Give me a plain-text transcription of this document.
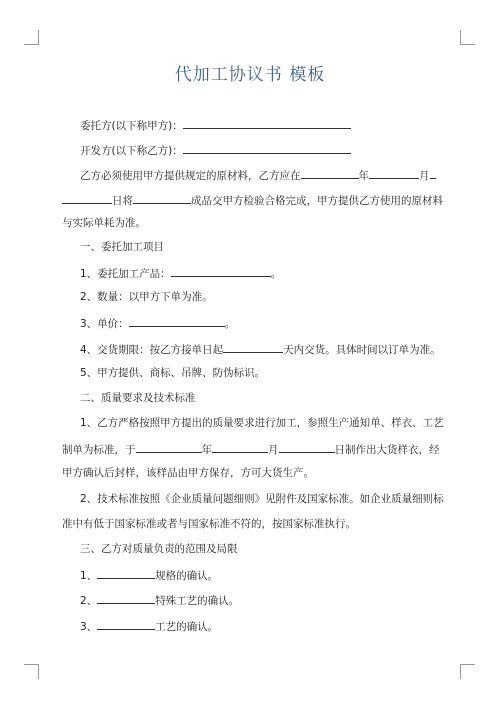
代加工协议书 模板
委托方(以下称甲方)：
开发方(以下称乙方)：
乙方必须使用甲方提供规定的原材料，乙方应在	年	月
日将	成品交甲方检验合格完成，甲方提供乙方使用的原材料
与实际单耗为准。
一、委托加工项目
1、委托加工产品：	。
2、数量：以甲方下单为准。
3、单价：	。
4、交货期限：按乙方接单日起	天内交货。具体时间以订单为准。
5、甲方提供、商标、吊牌、防伪标识。
二、质量要求及技术标准
1、乙方严格按照甲方提出的质量要求进行加工，参照生产通知单、样衣、工艺
制单为标准，于	年	月	日制作出大货样衣，经
甲方确认后封样，该样品由甲方保存，方可大货生产。
2、技术标准按照《企业质量问题细则》见附件及国家标准。如企业质量细则标
准中有低于国家标准或者与国家标准不符的，按国家标准执行。
三、乙方对质量负责的范围及局限
1、	规格的确认。
2、	特殊工艺的确认。
3、	工艺的确认。
